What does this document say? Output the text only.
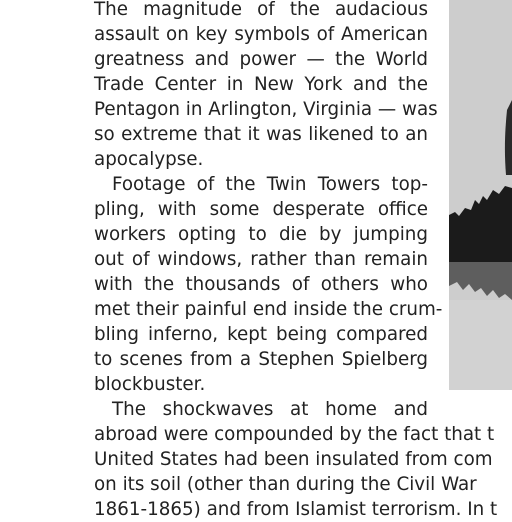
The magnitude of the audacious
assault on key symbols of American
greatness and power — the World
Trade Center in New York and the
Pentagon in Arlington, Virginia — was
so extreme that it was likened to an
apocalypse.
Footage of the Twin Towers top-
pling, with some desperate office
workers opting to die by jumping
out of windows, rather than remain
with the thousands of others who
met their painful end inside the crum-
bling inferno, kept being compared
to scenes from a Stephen Spielberg
blockbuster.
The shockwaves at home and
abroad were compounded by the fact that t
United States had been insulated from com
on its soil (other than during the Civil War
1861-1865) and from Islamist terrorism. In t
